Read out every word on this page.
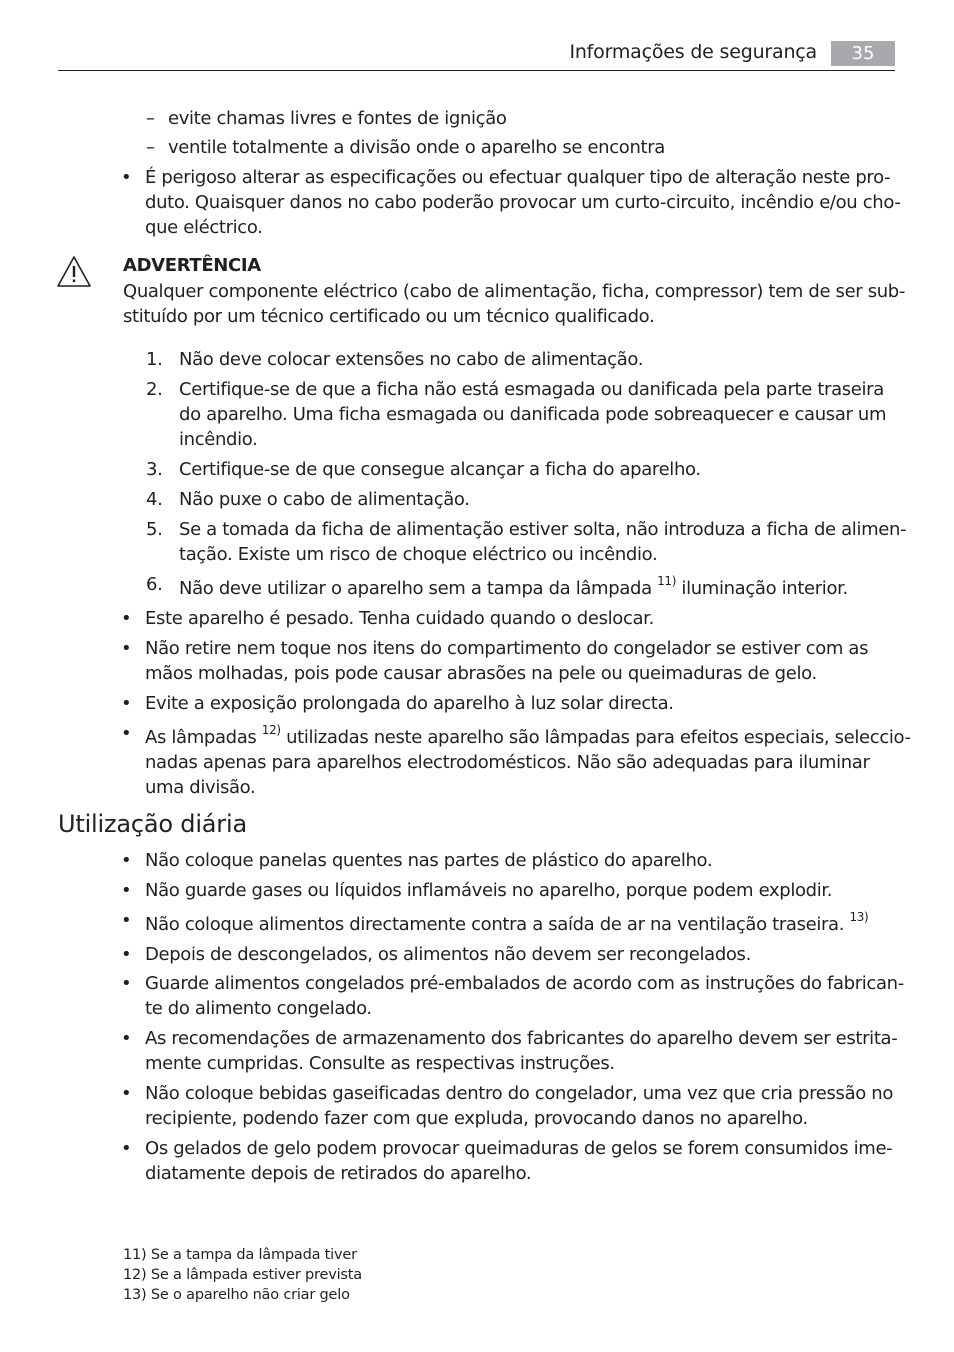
Informações de segurança	35
– evite chamas livres e fontes de ignição
– ventile totalmente a divisão onde o aparelho se encontra
• É perigoso alterar as especificações ou efectuar qualquer tipo de alteração neste pro-
duto. Quaisquer danos no cabo poderão provocar um curto-circuito, incêndio e/ou cho-
que eléctrico.
ADVERTÊNCIA
Qualquer componente eléctrico (cabo de alimentação, ficha, compressor) tem de ser sub-
stituído por um técnico certificado ou um técnico qualificado.
1. Não deve colocar extensões no cabo de alimentação.
2. Certifique-se de que a ficha não está esmagada ou danificada pela parte traseira
do aparelho. Uma ficha esmagada ou danificada pode sobreaquecer e causar um
incêndio.
3. Certifique-se de que consegue alcançar a ficha do aparelho.
4. Não puxe o cabo de alimentação.
5. Se a tomada da ficha de alimentação estiver solta, não introduza a ficha de alimen-
tação. Existe um risco de choque eléctrico ou incêndio.
6. Não deve utilizar o aparelho sem a tampa da lâmpada $^{11)}$ iluminação interior.
• Este aparelho é pesado. Tenha cuidado quando o deslocar.
• Não retire nem toque nos itens do compartimento do congelador se estiver com as
mãos molhadas, pois pode causar abrasões na pele ou queimaduras de gelo.
• Evite a exposição prolongada do aparelho à luz solar directa.
• As lâmpadas $^{12)}$ utilizadas neste aparelho são lâmpadas para efeitos especiais, seleccio-
nadas apenas para aparelhos electrodomésticos. Não são adequadas para iluminar
uma divisão.
Utilização diária
• Não coloque panelas quentes nas partes de plástico do aparelho.
• Não guarde gases ou líquidos inflamáveis no aparelho, porque podem explodir.
• Não coloque alimentos directamente contra a saída de ar na ventilação traseira. $^{13)}$
• Depois de descongelados, os alimentos não devem ser recongelados.
• Guarde alimentos congelados pré-embalados de acordo com as instruções do fabrican-
te do alimento congelado.
• As recomendações de armazenamento dos fabricantes do aparelho devem ser estrita-
mente cumpridas. Consulte as respectivas instruções.
• Não coloque bebidas gaseificadas dentro do congelador, uma vez que cria pressão no
recipiente, podendo fazer com que expluda, provocando danos no aparelho.
• Os gelados de gelo podem provocar queimaduras de gelos se forem consumidos ime-
diatamente depois de retirados do aparelho.
11) Se a tampa da lâmpada tiver
12) Se a lâmpada estiver prevista
13) Se o aparelho não criar gelo
